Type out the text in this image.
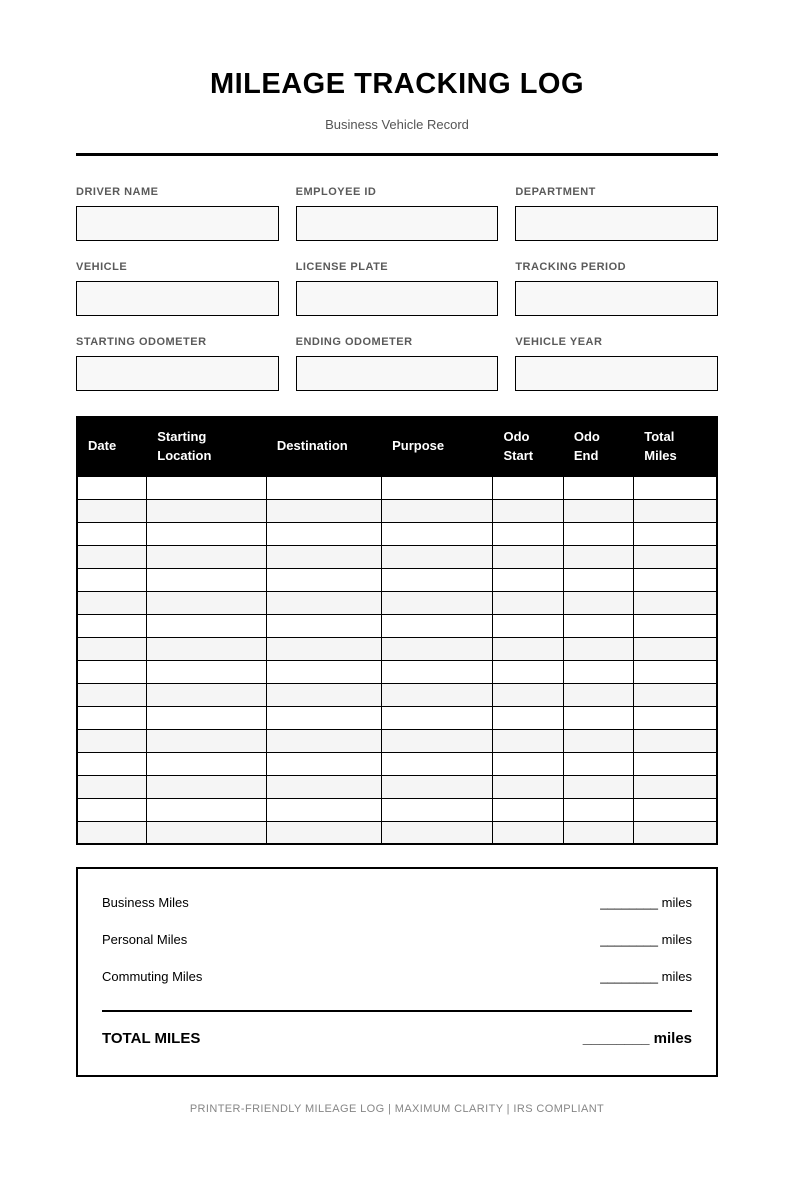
MILEAGE TRACKING LOG
Business Vehicle Record
DRIVER NAME	EMPLOYEE ID	DEPARTMENT
VEHICLE	LICENSE PLATE	TRACKING PERIOD
STARTING ODOMETER	ENDING ODOMETER	VEHICLE YEAR
Date	Starting Location	Destination	Purpose	Odo Start	Odo End	Total Miles

Business Miles	________ miles
Personal Miles	________ miles
Commuting Miles	________ miles
TOTAL MILES	________ miles
PRINTER-FRIENDLY MILEAGE LOG | MAXIMUM CLARITY | IRS COMPLIANT
